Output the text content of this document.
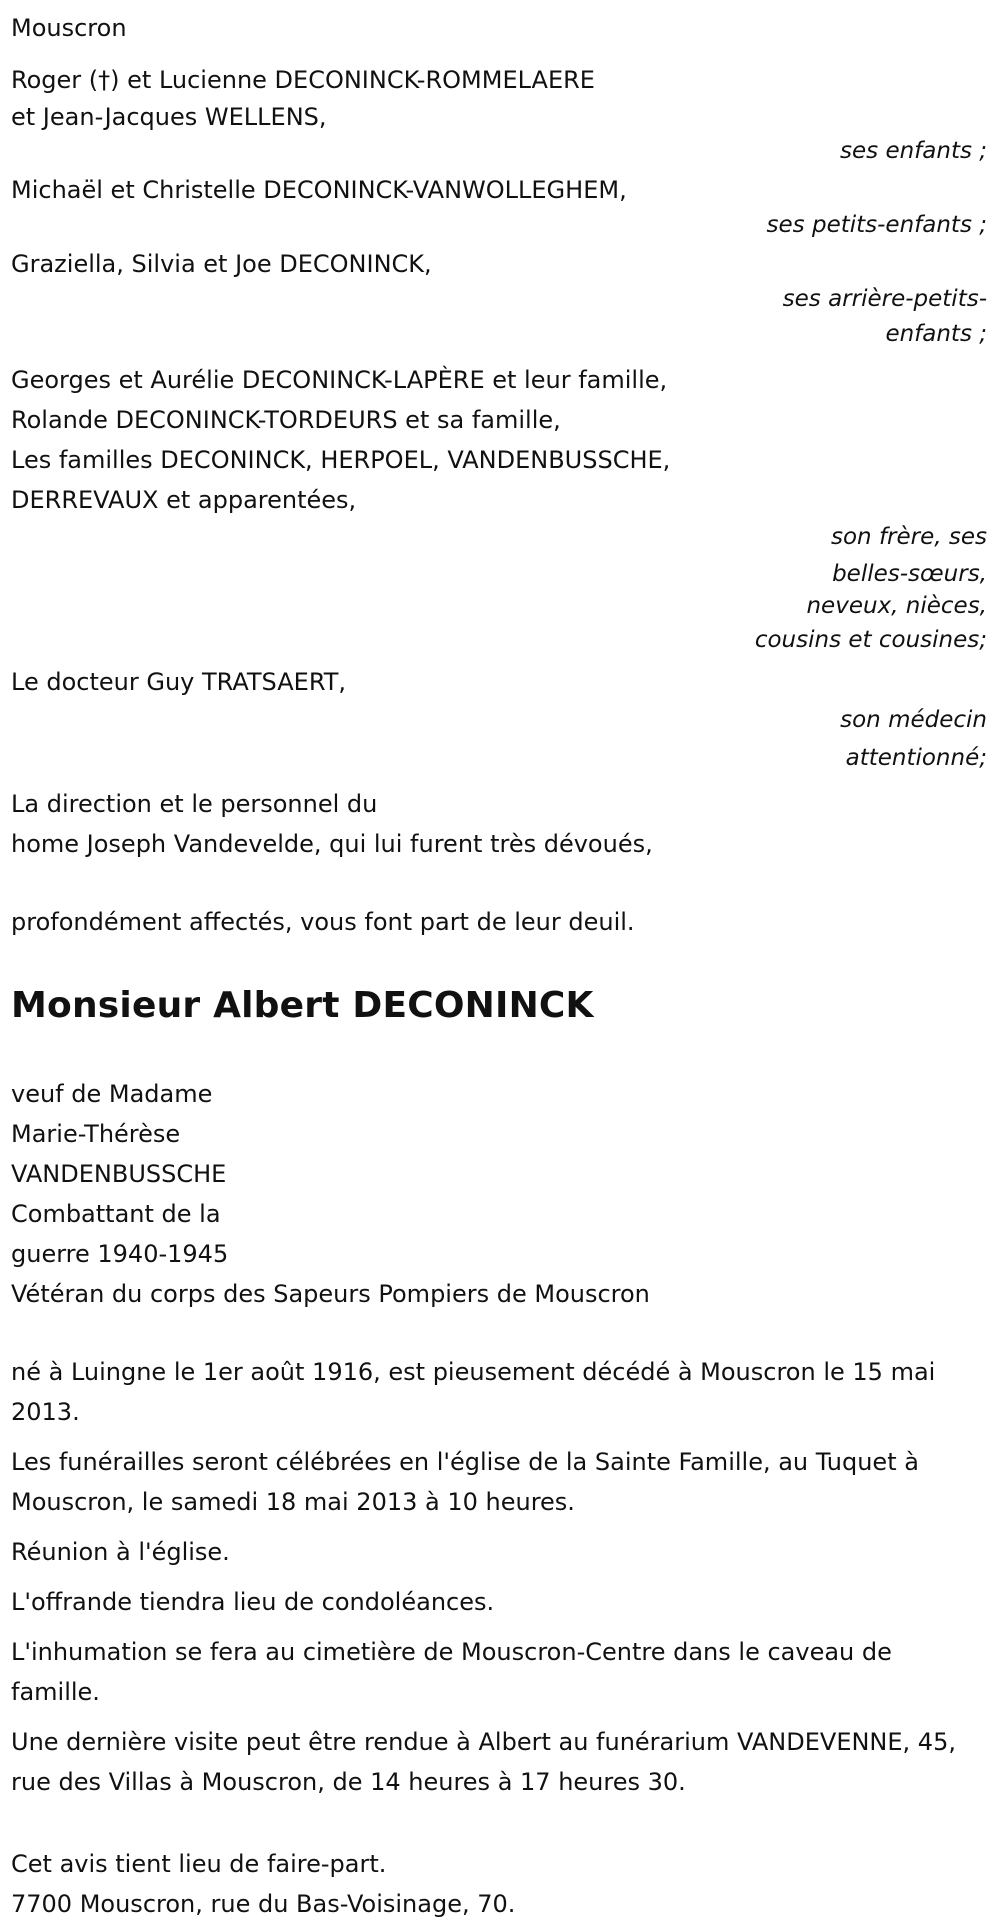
Mouscron
Roger (†) et Lucienne DECONINCK-ROMMELAERE
et Jean-Jacques WELLENS,
ses enfants ;
Michaël et Christelle DECONINCK-VANWOLLEGHEM,
ses petits-enfants ;
Graziella, Silvia et Joe DECONINCK,
ses arrière-petits-
enfants ;
Georges et Aurélie DECONINCK-LAPÈRE et leur famille,
Rolande DECONINCK-TORDEURS et sa famille,
Les familles DECONINCK, HERPOEL, VANDENBUSSCHE,
DERREVAUX et apparentées,
son frère, ses
belles-sœurs,
neveux, nièces,
cousins et cousines;
Le docteur Guy TRATSAERT,
son médecin
attentionné;
La direction et le personnel du
home Joseph Vandevelde, qui lui furent très dévoués,
profondément affectés, vous font part de leur deuil.
Monsieur Albert DECONINCK
veuf de Madame
Marie-Thérèse
VANDENBUSSCHE
Combattant de la
guerre 1940-1945
Vétéran du corps des Sapeurs Pompiers de Mouscron
né à Luingne le 1er août 1916, est pieusement décédé à Mouscron le 15 mai 2013.
Les funérailles seront célébrées en l'église de la Sainte Famille, au Tuquet à Mouscron, le samedi 18 mai 2013 à 10 heures.
Réunion à l'église.
L'offrande tiendra lieu de condoléances.
L'inhumation se fera au cimetière de Mouscron-Centre dans le caveau de famille.
Une dernière visite peut être rendue à Albert au funérarium VANDEVENNE, 45, rue des Villas à Mouscron, de 14 heures à 17 heures 30.
Cet avis tient lieu de faire-part.
7700 Mouscron, rue du Bas-Voisinage, 70.
